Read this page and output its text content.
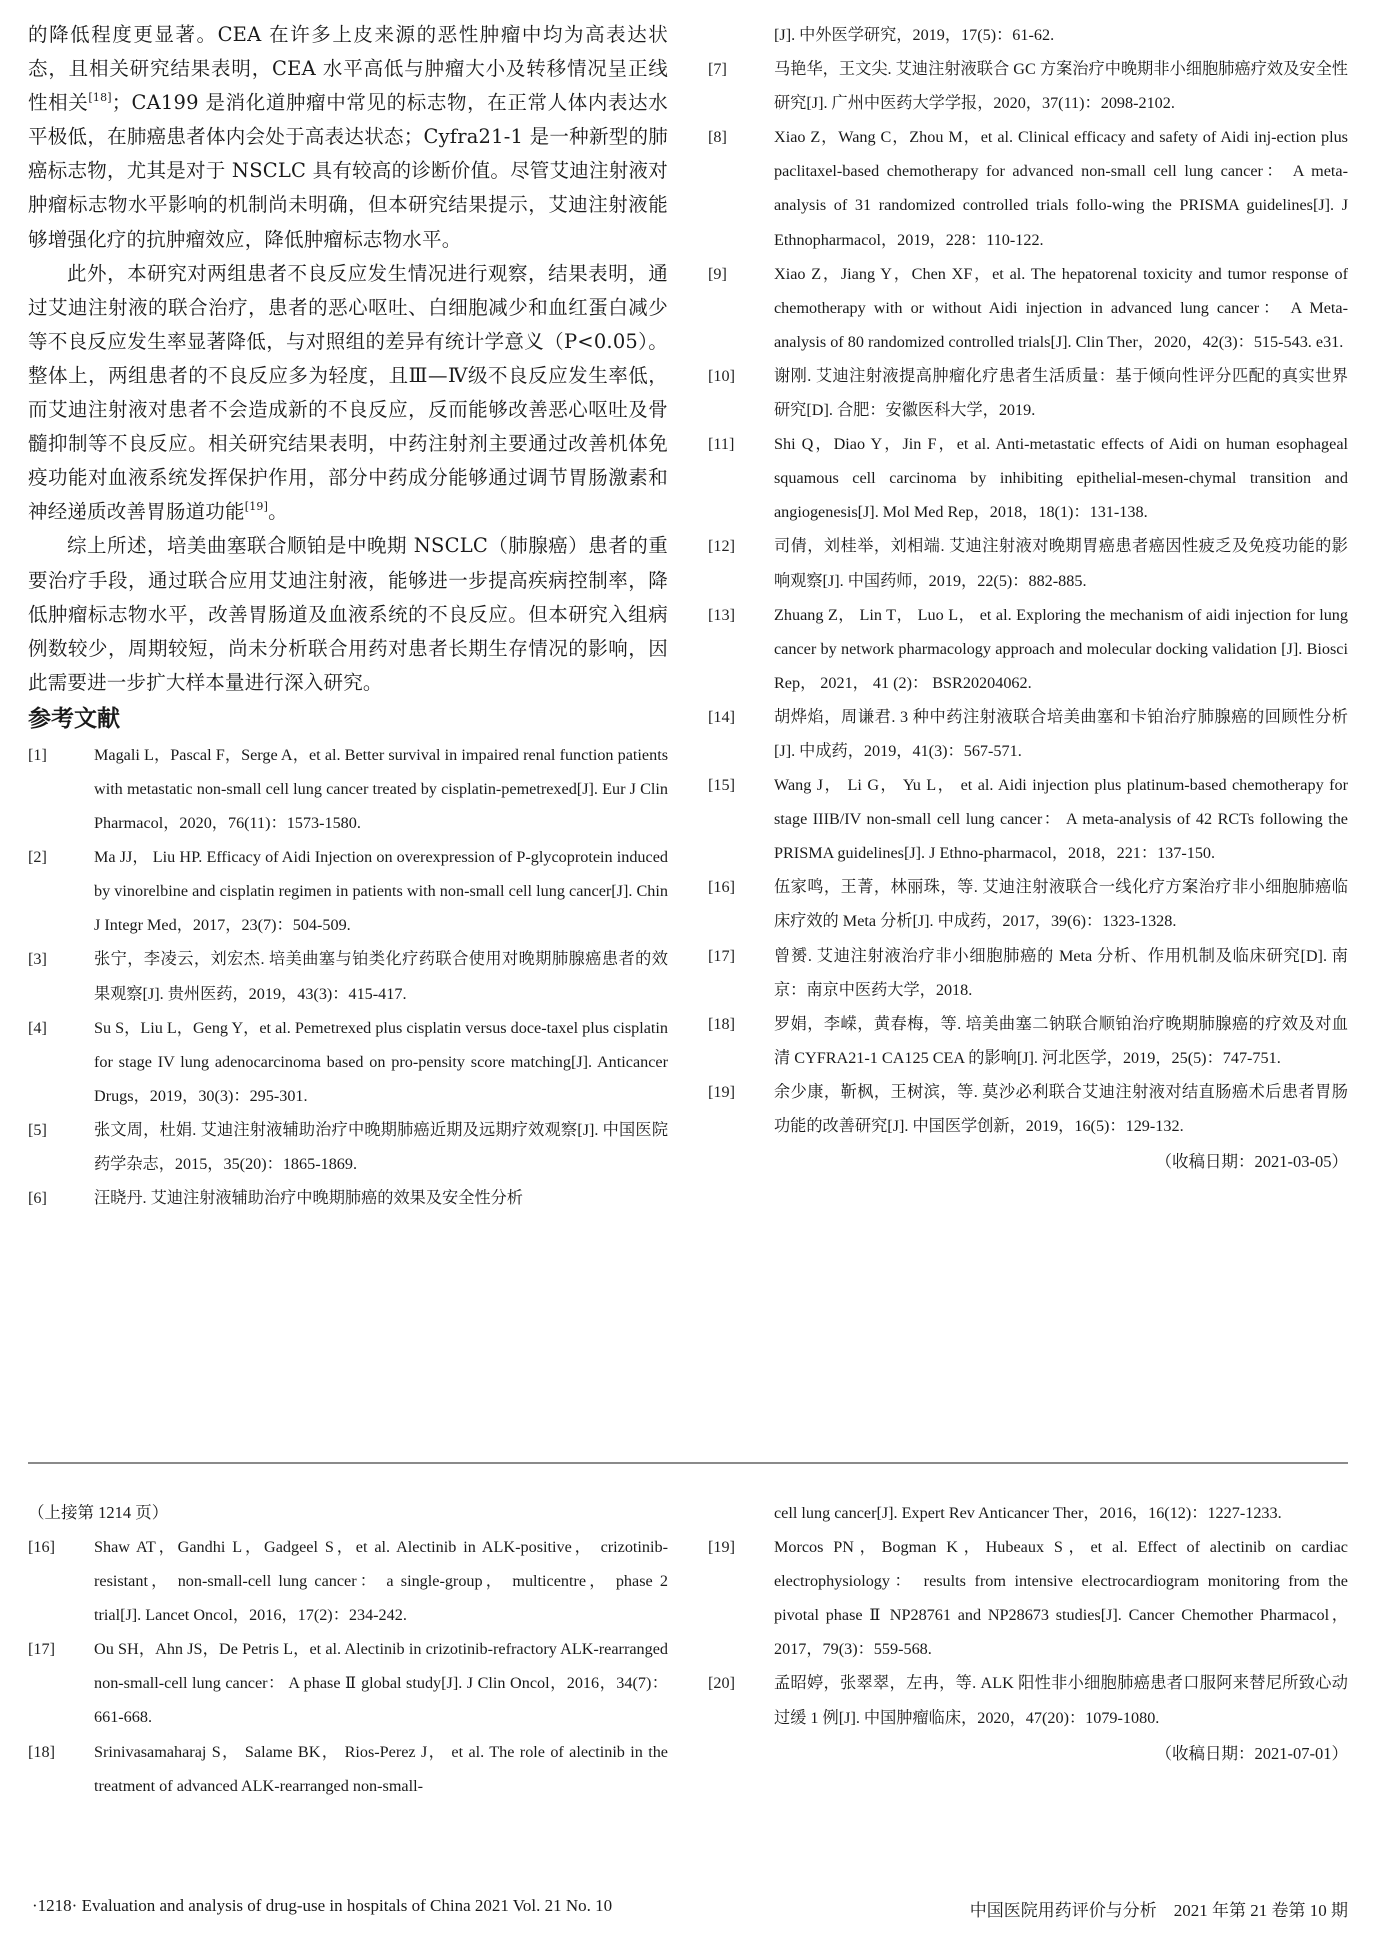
的降低程度更显著。CEA 在许多上皮来源的恶性肿瘤中均为高表达状态，且相关研究结果表明，CEA 水平高低与肿瘤大小及转移情况呈正线性相关[18]；CA199 是消化道肿瘤中常见的标志物，在正常人体内表达水平极低，在肺癌患者体内会处于高表达状态；Cyfra21-1 是一种新型的肺癌标志物，尤其是对于 NSCLC 具有较高的诊断价值。尽管艾迪注射液对肿瘤标志物水平影响的机制尚未明确，但本研究结果提示，艾迪注射液能够增强化疗的抗肿瘤效应，降低肿瘤标志物水平。

此外，本研究对两组患者不良反应发生情况进行观察，结果表明，通过艾迪注射液的联合治疗，患者的恶心呕吐、白细胞减少和血红蛋白减少等不良反应发生率显著降低，与对照组的差异有统计学意义（P<0.05）。整体上，两组患者的不良反应多为轻度，且Ⅲ—Ⅳ级不良反应发生率低，而艾迪注射液对患者不会造成新的不良反应，反而能够改善恶心呕吐及骨髓抑制等不良反应。相关研究结果表明，中药注射剂主要通过改善机体免疫功能对血液系统发挥保护作用，部分中药成分能够通过调节胃肠激素和神经递质改善胃肠道功能[19]。

综上所述，培美曲塞联合顺铂是中晚期 NSCLC（肺腺癌）患者的重要治疗手段，通过联合应用艾迪注射液，能够进一步提高疾病控制率，降低肿瘤标志物水平，改善胃肠道及血液系统的不良反应。但本研究入组病例数较少，周期较短，尚未分析联合用药对患者长期生存情况的影响，因此需要进一步扩大样本量进行深入研究。

参考文献
[1]	Magali L，Pascal F，Serge A，et al. Better survival in impaired renal function patients with metastatic non-small cell lung cancer treated by cisplatin-pemetrexed[J]. Eur J Clin Pharmacol，2020，76(11)：1573-1580.
[2]	Ma JJ， Liu HP. Efficacy of Aidi Injection on overexpression of P-glycoprotein induced by vinorelbine and cisplatin regimen in patients with non-small cell lung cancer[J]. Chin J Integr Med，2017，23(7)：504-509.
[3]	张宁，李凌云，刘宏杰. 培美曲塞与铂类化疗药联合使用对晚期肺腺癌患者的效果观察[J]. 贵州医药，2019，43(3)：415-417.
[4]	Su S，Liu L，Geng Y，et al. Pemetrexed plus cisplatin versus doce-taxel plus cisplatin for stage IV lung adenocarcinoma based on pro-pensity score matching[J]. Anticancer Drugs，2019，30(3)：295-301.
[5]	张文周，杜娟. 艾迪注射液辅助治疗中晚期肺癌近期及远期疗效观察[J]. 中国医院药学杂志，2015，35(20)：1865-1869.
[6]	汪晓丹. 艾迪注射液辅助治疗中晚期肺癌的效果及安全性分析
[J]. 中外医学研究，2019，17(5)：61-62.
[7]	马艳华，王文尖. 艾迪注射液联合 GC 方案治疗中晚期非小细胞肺癌疗效及安全性研究[J]. 广州中医药大学学报，2020，37(11)：2098-2102.
[8]	Xiao Z，Wang C，Zhou M，et al. Clinical efficacy and safety of Aidi inj-ection plus paclitaxel-based chemotherapy for advanced non-small cell lung cancer： A meta-analysis of 31 randomized controlled trials follo-wing the PRISMA guidelines[J]. J Ethnopharmacol，2019，228：110-122.
[9]	Xiao Z，Jiang Y，Chen XF，et al. The hepatorenal toxicity and tumor response of chemotherapy with or without Aidi injection in advanced lung cancer： A Meta-analysis of 80 randomized controlled trials[J]. Clin Ther，2020，42(3)：515-543. e31.
[10]	谢刚. 艾迪注射液提高肿瘤化疗患者生活质量：基于倾向性评分匹配的真实世界研究[D]. 合肥：安徽医科大学，2019.
[11]	Shi Q，Diao Y，Jin F，et al. Anti-metastatic effects of Aidi on human esophageal squamous cell carcinoma by inhibiting epithelial-mesen-chymal transition and angiogenesis[J]. Mol Med Rep，2018，18(1)：131-138.
[12]	司倩，刘桂举，刘相端. 艾迪注射液对晚期胃癌患者癌因性疲乏及免疫功能的影响观察[J]. 中国药师，2019，22(5)：882-885.
[13]	Zhuang Z， Lin T， Luo L， et al. Exploring the mechanism of aidi injection for lung cancer by network pharmacology approach and molecular docking validation [J]. Biosci Rep， 2021， 41 (2)： BSR20204062.
[14]	胡烨焰，周谦君. 3 种中药注射液联合培美曲塞和卡铂治疗肺腺癌的回顾性分析[J]. 中成药，2019，41(3)：567-571.
[15]	Wang J， Li G， Yu L， et al. Aidi injection plus platinum-based chemotherapy for stage IIIB/IV non-small cell lung cancer： A meta-analysis of 42 RCTs following the PRISMA guidelines[J]. J Ethno-pharmacol，2018，221：137-150.
[16]	伍家鸣，王菁，林丽珠，等. 艾迪注射液联合一线化疗方案治疗非小细胞肺癌临床疗效的 Meta 分析[J]. 中成药，2017，39(6)：1323-1328.
[17]	曾赟. 艾迪注射液治疗非小细胞肺癌的 Meta 分析、作用机制及临床研究[D]. 南京：南京中医药大学，2018.
[18]	罗娟，李嵘，黄春梅，等. 培美曲塞二钠联合顺铂治疗晚期肺腺癌的疗效及对血清 CYFRA21-1 CA125 CEA 的影响[J]. 河北医学，2019，25(5)：747-751.
[19]	余少康，靳枫，王树滨，等. 莫沙必利联合艾迪注射液对结直肠癌术后患者胃肠功能的改善研究[J]. 中国医学创新，2019，16(5)：129-132.
（收稿日期：2021-03-05）
（上接第 1214 页）
[16]	Shaw AT，Gandhi L，Gadgeel S，et al. Alectinib in ALK-positive， crizotinib-resistant， non-small-cell lung cancer： a single-group， multicentre， phase 2 trial[J]. Lancet Oncol，2016，17(2)：234-242.
[17]	Ou SH，Ahn JS，De Petris L，et al. Alectinib in crizotinib-refractory ALK-rearranged non-small-cell lung cancer： A phase Ⅱ global study[J]. J Clin Oncol，2016，34(7)：661-668.
[18]	Srinivasamaharaj S， Salame BK， Rios-Perez J， et al. The role of alectinib in the treatment of advanced ALK-rearranged non-small-
cell lung cancer[J]. Expert Rev Anticancer Ther，2016，16(12)：1227-1233.
[19]	Morcos PN，Bogman K，Hubeaux S，et al. Effect of alectinib on cardiac electrophysiology： results from intensive electrocardiogram monitoring from the pivotal phase Ⅱ NP28761 and NP28673 studies[J]. Cancer Chemother Pharmacol，2017，79(3)：559-568.
[20]	孟昭婷，张翠翠，左冉，等. ALK 阳性非小细胞肺癌患者口服阿来替尼所致心动过缓 1 例[J]. 中国肿瘤临床，2020，47(20)：1079-1080.
（收稿日期：2021-07-01）
·1218· Evaluation and analysis of drug-use in hospitals of China 2021 Vol. 21 No. 10	中国医院用药评价与分析　2021 年第 21 卷第 10 期
